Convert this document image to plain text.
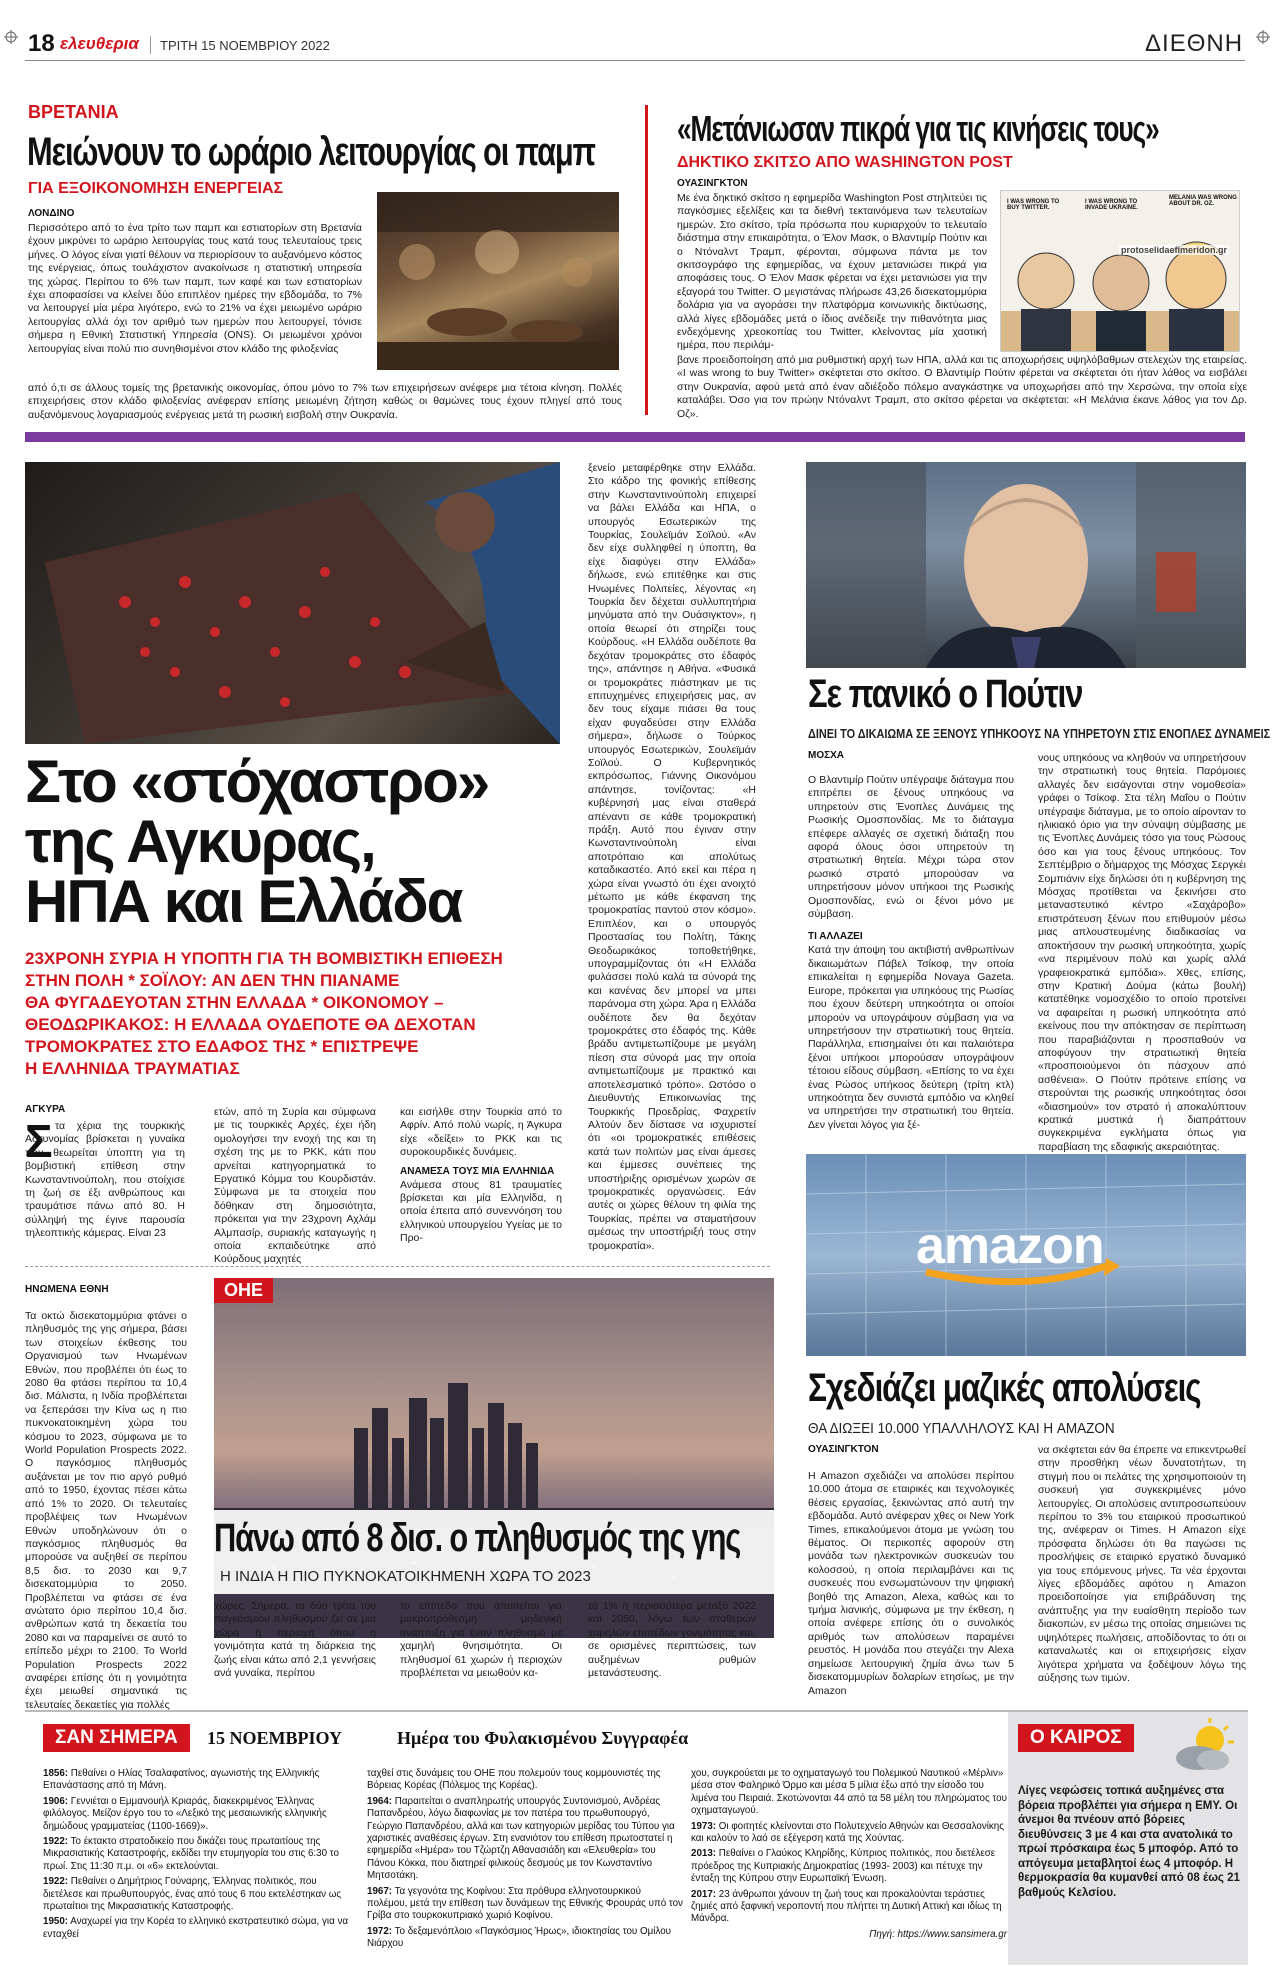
18 ελευθερια ΤΡΙΤΗ 15 ΝΟΕΜΒΡΙΟΥ 2022	ΔΙΕΘΝΗ
ΒΡΕΤΑΝΙΑ
Μειώνουν το ωράριο λειτουργίας οι παμπ
ΓΙΑ ΕΞΟΙΚΟΝΟΜΗΣΗ ΕΝΕΡΓΕΙΑΣ
ΛΟΝΔΙΝΟ
Περισσότερο από το ένα τρίτο των παμπ και εστιατορίων στη Βρετανία έχουν μικρύνει το ωράριο λειτουργίας τους κατά τους τελευταίους τρεις μήνες. Ο λόγος είναι γιατί θέλουν να περιορίσουν το αυξανόμενο κόστος της ενέργειας, όπως τουλάχιστον ανακοίνωσε η στατιστική υπηρεσία της χώρας. Περίπου το 6% των παμπ, των καφέ και των εστιατορίων έχει αποφασίσει να κλείνει δύο επιπλέον ημέρες την εβδομάδα, το 7% να λειτουργεί μία μέρα λιγότερο, ενώ το 21% να έχει μειωμένο ωράριο λειτουργίας αλλά όχι τον αριθμό των ημερών που λειτουργεί, τόνισε σήμερα η Εθνική Στατιστική Υπηρεσία (ONS). Οι μειωμένοι χρόνοι λειτουργίας είναι πολύ πιο συνηθισμένοι στον κλάδο της φιλοξενίας
από ό,τι σε άλλους τομείς της βρετανικής οικονομίας, όπου μόνο το 7% των επιχειρήσεων ανέφερε μια τέτοια κίνηση. Πολλές επιχειρήσεις στον κλάδο φιλοξενίας ανέφεραν επίσης μειωμένη ζήτηση καθώς οι θαμώνες τους έχουν πληγεί από τους αυξανόμενους λογαριασμούς ενέργειας μετά τη ρωσική εισβολή στην Ουκρανία.
«Μετάνιωσαν πικρά για τις κινήσεις τους»
ΔΗΚΤΙΚΟ ΣΚΙΤΣΟ ΑΠΟ WASHINGTON POST
ΟΥΑΣΙΝΓΚΤΟΝ
Με ένα δηκτικό σκίτσο η εφημερίδα Washington Post στηλιτεύει τις παγκόσμιες εξελίξεις και τα διεθνή τεκταινόμενα των τελευταίων ημερών. Στο σκίτσο, τρία πρόσωπα που κυριαρχούν το τελευταίο διάστημα στην επικαιρότητα, ο Έλον Μασκ, ο Βλαντιμίρ Πούτιν και ο Ντόναλντ Τραμπ, φέρονται, σύμφωνα πάντα με τον σκιτσογράφο της εφημερίδας, να έχουν μετανιώσει πικρά για αποφάσεις τους. Ο Έλον Μασκ φέρεται να έχει μετανιώσει για την εξαγορά του Twitter. Ο μεγιστάνας πλήρωσε 43,26 δισεκατομμύρια δολάρια για να αγοράσει την πλατφόρμα κοινωνικής δικτύωσης, αλλά λίγες εβδομάδες μετά ο ίδιος ανέδειξε την πιθανότητα μιας ενδεχόμενης χρεοκοπίας του Twitter, κλείνοντας μία χαοτική ημέρα, που περιλάμ-
I WAS WRONG TO BUY TWITTER.
I WAS WRONG TO INVADE UKRAINE.
MELANIA WAS WRONG ABOUT DR. OZ.
protoselidaefimeridon.gr
βανε προειδοποίηση από μια ρυθμιστική αρχή των ΗΠΑ, αλλά και τις αποχωρήσεις υψηλόβαθμων στελεχών της εταιρείας. «I was wrong to buy Twitter» σκέφτεται στο σκίτσο. Ο Βλαντιμίρ Πούτιν φέρεται να σκέφτεται ότι ήταν λάθος να εισβάλει στην Ουκρανία, αφού μετά από έναν αδιέξοδο πόλεμο αναγκάστηκε να υποχωρήσει από την Χερσώνα, την οποία είχε καταλάβει. Όσο για τον πρώην Ντόναλντ Τραμπ, στο σκίτσο φέρεται να σκέφτεται: «Η Μελάνια έκανε λάθος για τον Δρ. Οζ».
Στο «στόχαστρο»
της Αγκυρας,
ΗΠΑ και Ελλάδα
23ΧΡΟΝΗ ΣΥΡΙΑ Η ΥΠΟΠΤΗ ΓΙΑ ΤΗ ΒΟΜΒΙΣΤΙΚΗ ΕΠΙΘΕΣΗ
ΣΤΗΝ ΠΟΛΗ * ΣΟΪΛΟΥ: ΑΝ ΔΕΝ ΤΗΝ ΠΙΑΝΑΜΕ
ΘΑ ΦΥΓΑΔΕΥΟΤΑΝ ΣΤΗΝ ΕΛΛΑΔΑ * ΟΙΚΟΝΟΜΟΥ –
ΘΕΟΔΩΡΙΚΑΚΟΣ: Η ΕΛΛΑΔΑ ΟΥΔΕΠΟΤΕ ΘΑ ΔΕΧΟΤΑΝ
ΤΡΟΜΟΚΡΑΤΕΣ ΣΤΟ ΕΔΑΦΟΣ ΤΗΣ * ΕΠΙΣΤΡΕΨΕ
Η ΕΛΛΗΝΙΔΑ ΤΡΑΥΜΑΤΙΑΣ
ΑΓΚΥΡΑ
Σ τα χέρια της τουρκικής Αστυνομίας βρίσκεται η γυναίκα που θεωρείται ύποπτη για τη βομβιστική επίθεση στην Κωνσταντινούπολη, που στοίχισε τη ζωή σε έξι ανθρώπους και τραυμάτισε πάνω από 80. Η σύλληψή της έγινε παρουσία τηλεοπτικής κάμερας. Είναι 23
ετών, από τη Συρία και σύμφωνα με τις τουρκικές Αρχές, έχει ήδη ομολογήσει την ενοχή της και τη σχέση της με το PKK, κάτι που αρνείται κατηγορηματικά το Εργατικό Κόμμα του Κουρδιστάν. Σύμφωνα με τα στοιχεία που δόθηκαν στη δημοσιότητα, πρόκειται για την 23χρονη Αχλάμ Αλμπασίρ, συριακής καταγωγής η οποία εκπαιδεύτηκε από Κούρδους μαχητές
και εισήλθε στην Τουρκία από το Αφρίν. Από πολύ νωρίς, η Άγκυρα είχε «δείξει» το PKK και τις συροκουρδικές δυνάμεις.
ΑΝΑΜΕΣΑ ΤΟΥΣ ΜΙΑ ΕΛΛΗΝΙΔΑ
Ανάμεσα στους 81 τραυματίες βρίσκεται και μία Ελληνίδα, η οποία έπειτα από συνεννόηση του ελληνικού υπουργείου Υγείας με το Προ-
ξενείο μεταφέρθηκε στην Ελλάδα. Στο κάδρο της φονικής επίθεσης στην Κωνσταντινούπολη επιχειρεί να βάλει Ελλάδα και ΗΠΑ, ο υπουργός Εσωτερικών της Τουρκίας, Σουλεϊμάν Σοϊλού. «Αν δεν είχε συλληφθεί η ύποπτη, θα είχε διαφύγει στην Ελλάδα» δήλωσε, ενώ επιτέθηκε και στις Ηνωμένες Πολιτείες, λέγοντας «η Τουρκία δεν δέχεται συλλυπητήρια μηνύματα από την Ουάσιγκτον», η οποία θεωρεί ότι στηρίζει τους Κούρδους. «Η Ελλάδα ουδέποτε θα δεχόταν τρομοκράτες στο έδαφός της», απάντησε η Αθήνα. «Φυσικά οι τρομοκράτες πιάστηκαν με τις επιτυχημένες επιχειρήσεις μας, αν δεν τους είχαμε πιάσει θα τους είχαν φυγαδεύσει στην Ελλάδα σήμερα», δήλωσε ο Τούρκος υπουργός Εσωτερικών, Σουλεϊμάν Σοϊλού. Ο Κυβερνητικός εκπρόσωπος, Γιάννης Οικονόμου απάντησε, τονίζοντας: «Η κυβέρνησή μας είναι σταθερά απέναντι σε κάθε τρομοκρατική πράξη. Αυτό που έγιναν στην Κωνσταντινούπολη είναι αποτρόπαιο και απολύτως καταδικαστέο. Από εκεί και πέρα η χώρα είναι γνωστό ότι έχει ανοιχτό μέτωπο με κάθε έκφανση της τρομοκρατίας παντού στον κόσμο». Επιπλέον, και ο υπουργός Προστασίας του Πολίτη, Τάκης Θεοδωρικάκος τοποθετήθηκε, υπογραμμίζοντας ότι «Η Ελλάδα φυλάσσει πολύ καλά τα σύνορά της και κανένας δεν μπορεί να μπει παράνομα στη χώρα. Άρα η Ελλάδα ουδέποτε δεν θα δεχόταν τρομοκράτες στο έδαφός της. Κάθε βράδυ αντιμετωπίζουμε με μεγάλη πίεση στα σύνορά μας την οποία αντιμετωπίζουμε με πρακτικό και αποτελεσματικό τρόπο». Ωστόσο ο Διευθυντής Επικοινωνίας της Τουρκικής Προεδρίας, Φαχρετίν Αλτούν δεν δίστασε να ισχυριστεί ότι «οι τρομοκρατικές επιθέσεις κατά των πολιτών μας είναι άμεσες και έμμεσες συνέπειες της υποστήριξης ορισμένων χωρών σε τρομοκρατικές οργανώσεις. Εάν αυτές οι χώρες θέλουν τη φιλία της Τουρκίας, πρέπει να σταματήσουν αμέσως την υποστήριξή τους στην τρομοκρατία».
Σε πανικό ο Πούτιν
ΔΙΝΕΙ ΤΟ ΔΙΚΑΙΩΜΑ ΣΕ ΞΕΝΟΥΣ ΥΠΗΚΟΟΥΣ ΝΑ ΥΠΗΡΕΤΟΥΝ ΣΤΙΣ ΕΝΟΠΛΕΣ ΔΥΝΑΜΕΙΣ
ΜΟΣΧΑ
Ο Βλαντιμίρ Πούτιν υπέγραψε διάταγμα που επιτρέπει σε ξένους υπηκόους να υπηρετούν στις Ένοπλες Δυνάμεις της Ρωσικής Ομοσπονδίας. Με το διάταγμα επέφερε αλλαγές σε σχετική διάταξη που αφορά όλους όσοι υπηρετούν τη στρατιωτική θητεία. Μέχρι τώρα στον ρωσικό στρατό μπορούσαν να υπηρετήσουν μόνον υπήκοοι της Ρωσικής Ομοσπονδίας, ενώ οι ξένοι μόνο με σύμβαση.
ΤΙ ΑΛΛΑΖΕΙ
Κατά την άποψη του ακτιβιστή ανθρωπίνων δικαιωμάτων Πάβελ Τσίκοφ, την οποία επικαλείται η εφημερίδα Novaya Gazeta. Europe, πρόκειται για υπηκόους της Ρωσίας που έχουν δεύτερη υπηκοότητα οι οποίοι μπορούν να υπογράψουν σύμβαση για να υπηρετήσουν την στρατιωτική τους θητεία. Παράλληλα, επισημαίνει ότι και παλαιότερα ξένοι υπήκοοι μπορούσαν υπογράψουν τέτοιου είδους σύμβαση. «Επίσης το να έχει ένας Ρώσος υπήκοος δεύτερη (τρίτη κτλ) υπηκοότητα δεν συνιστά εμπόδιο να κληθεί να υπηρετήσει την στρατιωτική του θητεία. Δεν γίνεται λόγος για ξέ-
νους υπηκόους να κληθούν να υπηρετήσουν την στρατιωτική τους θητεία. Παρόμοιες αλλαγές δεν εισάγονται στην νομοθεσία» γράφει ο Τσίκοφ. Στα τέλη Μαΐου ο Πούτιν υπέγραψε διάταγμα, με το οποίο αίρονταν το ηλικιακό όριο για την σύναψη σύμβασης με τις Ένοπλες Δυνάμεις τόσο για τους Ρώσους όσο και για τους ξένους υπηκόους. Τον Σεπτέμβριο ο δήμαρχος της Μόσχας Σεργκέι Σομπιάνιν είχε δηλώσει ότι η κυβέρνηση της Μόσχας προτίθεται να ξεκινήσει στο μεταναστευτικό κέντρο «Σαχάροβο» επιστράτευση ξένων που επιθυμούν μέσω μιας απλουστευμένης διαδικασίας να αποκτήσουν την ρωσική υπηκοότητα, χωρίς «να περιμένουν πολύ και χωρίς αλλά γραφειοκρατικά εμπόδια». Χθες, επίσης, στην Κρατική Δούμα (κάτω βουλή) κατατέθηκε νομοσχέδιο το οποίο προτείνει να αφαιρείται η ρωσική υπηκοότητα από εκείνους που την απόκτησαν σε περίπτωση που παραβιάζονται η προσπαθούν να αποφύγουν την στρατιωτική θητεία «προσποιούμενοι ότι πάσχουν από ασθένεια». Ο Πούτιν πρότεινε επίσης να στερούνται της ρωσικής υπηκοότητας όσοι «διασημούν» τον στρατό ή αποκαλύπτουν κρατικά μυστικά ή διαπράττουν συγκεκριμένα εγκλήματα όπως για παραβίαση της εδαφικής ακεραιότητας.
ΗΝΩΜΕΝΑ ΕΘΝΗ
Τα οκτώ δισεκατομμύρια φτάνει ο πληθυσμός της γης σήμερα, βάσει των στοιχείων έκθεσης του Οργανισμού των Ηνωμένων Εθνών, που προβλέπει ότι έως το 2080 θα φτάσει περίπου τα 10,4 δισ. Μάλιστα, η Ινδία προβλέπεται να ξεπεράσει την Κίνα ως η πιο πυκνοκατοικημένη χώρα του κόσμου το 2023, σύμφωνα με το World Population Prospects 2022. Ο παγκόσμιος πληθυσμός αυξάνεται με τον πιο αργό ρυθμό από το 1950, έχοντας πέσει κάτω από 1% το 2020. Οι τελευταίες προβλέψεις των Ηνωμένων Εθνών υποδηλώνουν ότι ο παγκόσμιος πληθυσμός θα μπορούσε να αυξηθεί σε περίπου 8,5 δισ. το 2030 και 9,7 δισεκατομμύρια το 2050. Προβλέπεται να φτάσει σε ένα ανώτατο όριο περίπου 10,4 δισ. ανθρώπων κατά τη δεκαετία του 2080 και να παραμείνει σε αυτό το επίπεδο μέχρι το 2100. Το World Population Prospects 2022 αναφέρει επίσης ότι η γονιμότητα έχει μειωθεί σημαντικά τις τελευταίες δεκαετίες για πολλές
ΟΗΕ
Πάνω από 8 δισ. ο πληθυσμός της γης
Η ΙΝΔΙΑ Η ΠΙΟ ΠΥΚΝΟΚΑΤΟΙΚΗΜΕΝΗ ΧΩΡΑ ΤΟ 2023
χώρες. Σήμερα, τα δύο τρίτα του παγκόσμιου πληθυσμού ζει σε μια χώρα ή περιοχή όπου η γονιμότητα κατά τη διάρκεια της ζωής είναι κάτω από 2,1 γεννήσεις ανά γυναίκα, περίπου
το επίπεδο που απαιτείται για μακροπρόθεσμη μηδενική ανάπτυξη για έναν πληθυσμό με χαμηλή θνησιμότητα. Οι πληθυσμοί 61 χωρών ή περιοχών προβλέπεται να μειωθούν κα-
τά 1% ή περισσότερο μεταξύ 2022 και 2050, λόγω των σταθερών χαμηλών επιπέδων γονιμότητας και, σε ορισμένες περιπτώσεις, των αυξημένων ρυθμών μετανάστευσης.
amazon
Σχεδιάζει μαζικές απολύσεις
ΘΑ ΔΙΩΞΕΙ 10.000 ΥΠΑΛΛΗΛΟΥΣ ΚΑΙ Η AMAZON
ΟΥΑΣΙΝΓΚΤΟΝ
Η Amazon σχεδιάζει να απολύσει περίπου 10.000 άτομα σε εταιρικές και τεχνολογικές θέσεις εργασίας, ξεκινώντας από αυτή την εβδομάδα. Αυτό ανέφεραν χθες οι New York Times, επικαλούμενοι άτομα με γνώση του θέματος. Οι περικοπές αφορούν στη μονάδα των ηλεκτρονικών συσκευών του κολοσσού, η οποία περιλαμβάνει και τις συσκευές που ενσωματώνουν την ψηφιακή βοηθό της Amazon, Alexa, καθώς και το τμήμα λιανικής, σύμφωνα με την έκθεση, η οποία ανέφερε επίσης ότι ο συνολικός αριθμός των απολύσεων παραμένει ρευστός. Η μονάδα που στεγάζει την Alexa σημείωσε λειτουργική ζημία άνω των 5 δισεκατομμυρίων δολαρίων ετησίως, με την Amazon
να σκέφτεται εάν θα έπρεπε να επικεντρωθεί στην προσθήκη νέων δυνατοτήτων, τη στιγμή που οι πελάτες της χρησιμοποιούν τη συσκευή για συγκεκριμένες μόνο λειτουργίες. Οι απολύσεις αντιπροσωπεύουν περίπου το 3% του εταιρικού προσωπικού της, ανέφεραν οι Times. Η Amazon είχε πρόσφατα δηλώσει ότι θα παγώσει τις προσλήψεις σε εταιρικό εργατικό δυναμικό για τους επόμενους μήνες. Τα νέα έρχονται λίγες εβδομάδες αφότου η Amazon προειδοποίησε για επιβράδυνση της ανάπτυξης για την ευαίσθητη περίοδο των διακοπών, εν μέσω της οποίας σημειώνει τις υψηλότερες πωλήσεις, αποδίδοντας το ότι οι καταναλωτές και οι επιχειρήσεις είχαν λιγότερα χρήματα να ξοδέψουν λόγω της αύξησης των τιμών.
ΣΑΝ ΣΗΜΕΡΑ	15 ΝΟΕΜΒΡΙΟΥ	Ημέρα του Φυλακισμένου Συγγραφέα
1856: Πεθαίνει ο Ηλίας Τσαλαφατίνος, αγωνιστής της Ελληνικής Επανάστασης από τη Μάνη.
1906: Γεννιέται ο Εμμανουήλ Κριαράς, διακεκριμένος Έλληνας φιλόλογος. Μείζον έργο του το «Λεξικό της μεσαιωνικής ελληνικής δημώδους γραμματείας (1100-1669)».
1922: Το έκτακτο στρατοδικείο που δικάζει τους πρωταιτίους της Μικρασιατικής Καταστροφής, εκδίδει την ετυμηγορία του στις 6:30 το πρωί. Στις 11:30 π.μ. οι «6» εκτελούνται.
1922: Πεθαίνει ο Δημήτριος Γούναρης, Έλληνας πολιτικός, που διετέλεσε και πρωθυπουργός, ένας από τους 6 που εκτελέστηκαν ως πρωταίτιοι της Μικρασιατικής Καταστροφής.
1950: Αναχωρεί για την Κορέα το ελληνικό εκστρατευτικό σώμα, για να ενταχθεί
ταχθεί στις δυνάμεις του ΟΗΕ που πολεμούν τους κομμουνιστές της Βόρειας Κορέας (Πόλεμος της Κορέας).
1964: Παραιτείται ο αναπληρωτής υπουργός Συντονισμού, Ανδρέας Παπανδρέου, λόγω διαφωνίας με τον πατέρα του πρωθυπουργό, Γεώργιο Παπανδρέου, αλλά και των κατηγοριών μερίδας του Τύπου για χαριστικές αναθέσεις έργων. Στη ενανιότον του επίθεση πρωτοστατεί η εφημερίδα «Ημέρα» του Τζώρτζη Αθανασιάδη και «Ελευθερία» του Πάνου Κόκκα, που διατηρεί φιλικούς δεσμούς με τον Κωνσταντίνο Μητσοτάκη.
1967: Τα γεγονότα της Κοφίνου: Στα πρόθυρα ελληνοτουρκικού πολέμου, μετά την επίθεση των δυνάμεων της Εθνικής Φρουράς υπό τον Γρίβα στο τουρκοκυπριακό χωριό Κοφίνου.
1972: Το δεξαμενόπλοιο «Παγκόσμιος Ήρως», ιδιοκτησίας του Ομίλου Νιάρχου
χου, συγκρούεται με το οχηματαγωγό του Πολεμικού Ναυτικού «Μέρλιν» μέσα στον Φαληρικό Όρμο και μέσα 5 μίλια έξω από την είσοδο του λιμένα του Πειραιά. Σκοτώνονται 44 από τα 58 μέλη του πληρώματος του οχηματαγωγού.
1973: Οι φοιτητές κλείνονται στο Πολυτεχνείο Αθηνών και Θεσσαλονίκης και καλούν το λαό σε εξέγερση κατά της Χούντας.
2013: Πεθαίνει ο Γλαύκος Κληρίδης, Κύπριος πολιτικός, που διετέλεσε πρόεδρος της Κυπριακής Δημοκρατίας (1993- 2003) και πέτυχε την ένταξη της Κύπρου στην Ευρωπαϊκή Ένωση.
2017: 23 άνθρωποι χάνουν τη ζωή τους και προκαλούνται τεράστιες ζημιές από ξαφνική νεροποντή που πλήττει τη Δυτική Αττική και ιδίως τη Μάνδρα.
Πηγή: https://www.sansimera.gr
Ο ΚΑΙΡΟΣ
Λίγες νεφώσεις τοπικά αυξημένες στα βόρεια προβλέπει για σήμερα η ΕΜΥ. Οι άνεμοι θα πνέουν από βόρειες διευθύνσεις 3 με 4 και στα ανατολικά το πρωί πρόσκαιρα έως 5 μποφόρ. Από το απόγευμα μεταβλητοί έως 4 μποφόρ. Η θερμοκρασία θα κυμανθεί από 08 έως 21 βαθμούς Κελσίου.
